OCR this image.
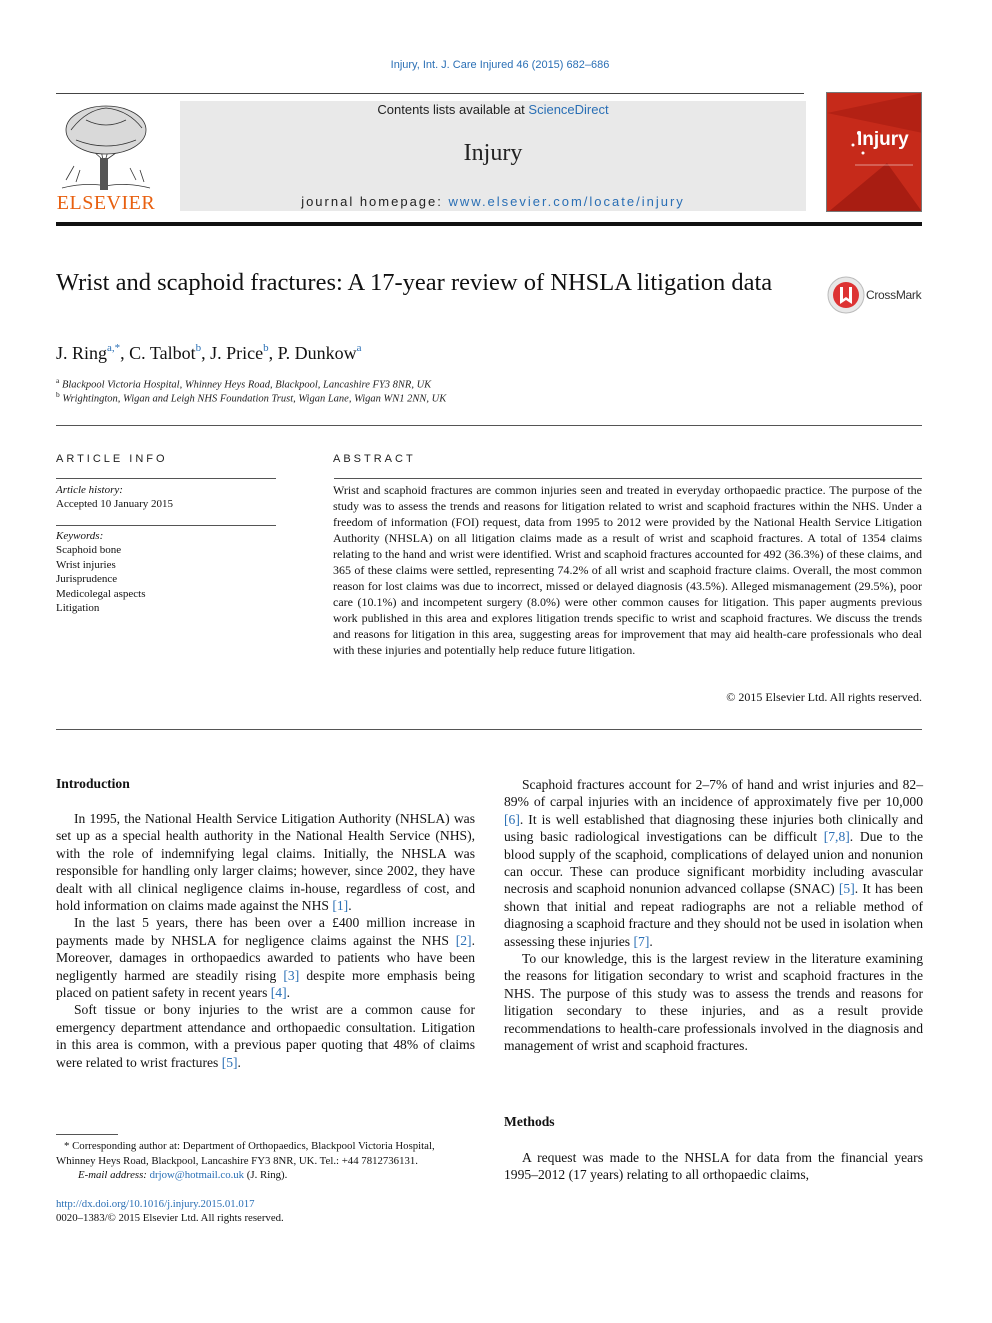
Injury, Int. J. Care Injured 46 (2015) 682–686
ELSEVIER
Contents lists available at ScienceDirect
Injury
journal homepage: www.elsevier.com/locate/injury
Injury
Wrist and scaphoid fractures: A 17-year review of NHSLA litigation data	CrossMark
J. Ring$^{a,*}$, C. Talbot$^b$, J. Price$^b$, P. Dunkow$^a$
$^a$ Blackpool Victoria Hospital, Whinney Heys Road, Blackpool, Lancashire FY3 8NR, UK
$^b$ Wrightington, Wigan and Leigh NHS Foundation Trust, Wigan Lane, Wigan WN1 2NN, UK
ARTICLE INFO
Article history:
Accepted 10 January 2015
Keywords:
Scaphoid bone
Wrist injuries
Jurisprudence
Medicolegal aspects
Litigation
ABSTRACT
Wrist and scaphoid fractures are common injuries seen and treated in everyday orthopaedic practice. The purpose of the study was to assess the trends and reasons for litigation related to wrist and scaphoid fractures within the NHS. Under a freedom of information (FOI) request, data from 1995 to 2012 were provided by the National Health Service Litigation Authority (NHSLA) on all litigation claims made as a result of wrist and scaphoid fractures. A total of 1354 claims relating to the hand and wrist were identified. Wrist and scaphoid fractures accounted for 492 (36.3%) of these claims, and 365 of these claims were settled, representing 74.2% of all wrist and scaphoid fracture claims. Overall, the most common reason for lost claims was due to incorrect, missed or delayed diagnosis (43.5%). Alleged mismanagement (29.5%), poor care (10.1%) and incompetent surgery (8.0%) were other common causes for litigation. This paper augments previous work published in this area and explores litigation trends specific to wrist and scaphoid fractures. We discuss the trends and reasons for litigation in this area, suggesting areas for improvement that may aid health-care professionals who deal with these injuries and potentially help reduce future litigation.
© 2015 Elsevier Ltd. All rights reserved.
Introduction

In 1995, the National Health Service Litigation Authority (NHSLA) was set up as a special health authority in the National Health Service (NHS), with the role of indemnifying legal claims. Initially, the NHSLA was responsible for handling only larger claims; however, since 2002, they have dealt with all clinical negligence claims in-house, regardless of cost, and hold information on claims made against the NHS [1].

In the last 5 years, there has been over a £400 million increase in payments made by NHSLA for negligence claims against the NHS [2]. Moreover, damages in orthopaedics awarded to patients who have been negligently harmed are steadily rising [3] despite more emphasis being placed on patient safety in recent years [4].

Soft tissue or bony injuries to the wrist are a common cause for emergency department attendance and orthopaedic consultation. Litigation in this area is common, with a previous paper quoting that 48% of claims were related to wrist fractures [5].

Scaphoid fractures account for 2–7% of hand and wrist injuries and 82–89% of carpal injuries with an incidence of approximately five per 10,000 [6]. It is well established that diagnosing these injuries both clinically and using basic radiological investigations can be difficult [7,8]. Due to the blood supply of the scaphoid, complications of delayed union and nonunion can occur. These can produce significant morbidity including avascular necrosis and scaphoid nonunion advanced collapse (SNAC) [5]. It has been shown that initial and repeat radiographs are not a reliable method of diagnosing a scaphoid fracture and they should not be used in isolation when assessing these injuries [7].

To our knowledge, this is the largest review in the literature examining the reasons for litigation secondary to wrist and scaphoid fractures in the NHS. The purpose of this study was to assess the trends and reasons for litigation secondary to these injuries, and as a result provide recommendations to health-care professionals involved in the diagnosis and management of wrist and scaphoid fractures.

Methods

A request was made to the NHSLA for data from the financial years 1995–2012 (17 years) relating to all orthopaedic claims,

* Corresponding author at: Department of Orthopaedics, Blackpool Victoria Hospital, Whinney Heys Road, Blackpool, Lancashire FY3 8NR, UK. Tel.: +44 7812736131.
E-mail address: drjow@hotmail.co.uk (J. Ring).
http://dx.doi.org/10.1016/j.injury.2015.01.017
0020–1383/© 2015 Elsevier Ltd. All rights reserved.
